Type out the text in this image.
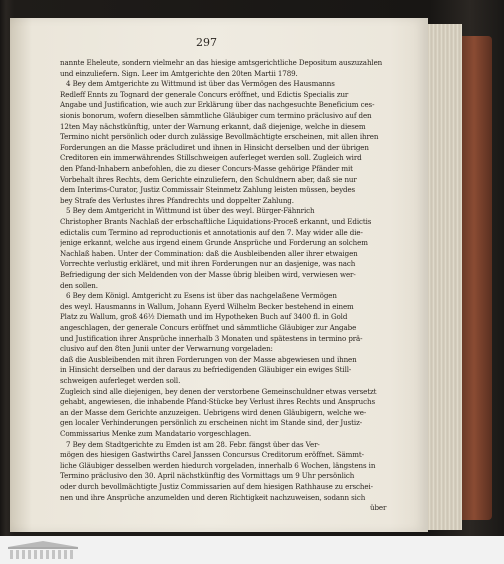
297
nannte Eheleute, sondern vielmehr an das hiesige amtsgerichtliche Depositum auszuzahlen
und einzuliefern. Sign. Leer im Amtgerichte den 20ten Martii 1789.
4 Bey dem Amtgerichte zu Wittmund ist über das Vermögen des Hausmanns
Redleff Ennts zu Tognard der generale Concurs eröffnet, und Edictis Specialis zur
Angabe und Justification, wie auch zur Erklärung über das nachgesuchte Beneficium ces-
sionis bonorum, wofern dieselben sämmtliche Gläubiger cum termino präclusivo auf den
12ten May nächstkünftig, unter der Warnung erkannt, daß diejenige, welche in diesem
Termino nicht persönlich oder durch zulässige Bevollmächtigte erscheinen, mit allen ihren
Forderungen an die Masse präcludiret und ihnen in Hinsicht derselben und der übrigen
Creditoren ein immerwährendes Stillschweigen auferleget werden soll. Zugleich wird
den Pfand-Inhabern anbefohlen, die zu dieser Concurs-Masse gehörige Pfänder mit
Vorbehalt ihres Rechts, dem Gerichte einzuliefern, den Schuldnern aber, daß sie nur
dem Interims-Curator, Justiz Commissair Steinmetz Zahlung leisten müssen, beydes
bey Strafe des Verlustes ihres Pfandrechts und doppelter Zahlung.
5 Bey dem Amtgericht in Wittmund ist über des weyl. Bürger-Fähnrich
Christopher Brants Nachlaß der erbschaftliche Liquidations-Proceß erkannt, und Edictis
edictalis cum Termino ad reproductionis et annotationis auf den 7. May wider alle die-
jenige erkannt, welche aus irgend einem Grunde Ansprüche und Forderung an solchem
Nachlaß haben. Unter der Commination: daß die Ausbleibenden aller ihrer etwaigen
Vorrechte verlustig erkläret, und mit ihren Forderungen nur an dasjenige, was nach
Befriedigung der sich Meldenden von der Masse übrig bleiben wird, verwiesen wer-
den sollen.
6 Bey dem Königl. Amtgericht zu Esens ist über das nachgelaßene Vermögen
des weyl. Hausmanns in Wallum, Johann Eyerd Wilhelm Becker bestehend in einem
Platz zu Wallum, groß 46½ Diemath und im Hypotheken Buch auf 3400 fl. in Gold
angeschlagen, der generale Concurs eröffnet und sämmtliche Gläubiger zur Angabe
und Justification ihrer Ansprüche innerhalb 3 Monaten und spätestens in termino prä-
clusivo auf den 8ten Junii unter der Verwarnung vorgeladen:
daß die Ausbleibenden mit ihren Forderungen von der Masse abgewiesen und ihnen
in Hinsicht derselben und der daraus zu befriedigenden Gläubiger ein ewiges Still-
schweigen auferleget werden soll.
Zugleich sind alle diejenigen, bey denen der verstorbene Gemeinschuldner etwas versetzt
gehabt, angewiesen, die inhabende Pfand-Stücke bey Verlust ihres Rechts und Anspruchs
an der Masse dem Gerichte anzuzeigen. Uebrigens wird denen Gläubigern, welche we-
gen localer Verhinderungen persönlich zu erscheinen nicht im Stande sind, der Justiz-
Commissarius Menke zum Mandatario vorgeschlagen.
7 Bey dem Stadtgerichte zu Emden ist am 28. Febr. fängst über das Ver-
mögen des hiesigen Gastwirths Carel Janssen Concursus Creditorum eröffnet. Sämmt-
liche Gläubiger desselben werden hiedurch vorgeladen, innerhalb 6 Wochen, längstens in
Termino präclusivo den 30. April nächstkünftig des Vormittags um 9 Uhr persönlich
oder durch bevollmächtigte Justiz Commissarien auf dem hiesigen Rathhause zu erschei-
nen und ihre Ansprüche anzumelden und deren Richtigkeit nachzuweisen, sodann sich
über
